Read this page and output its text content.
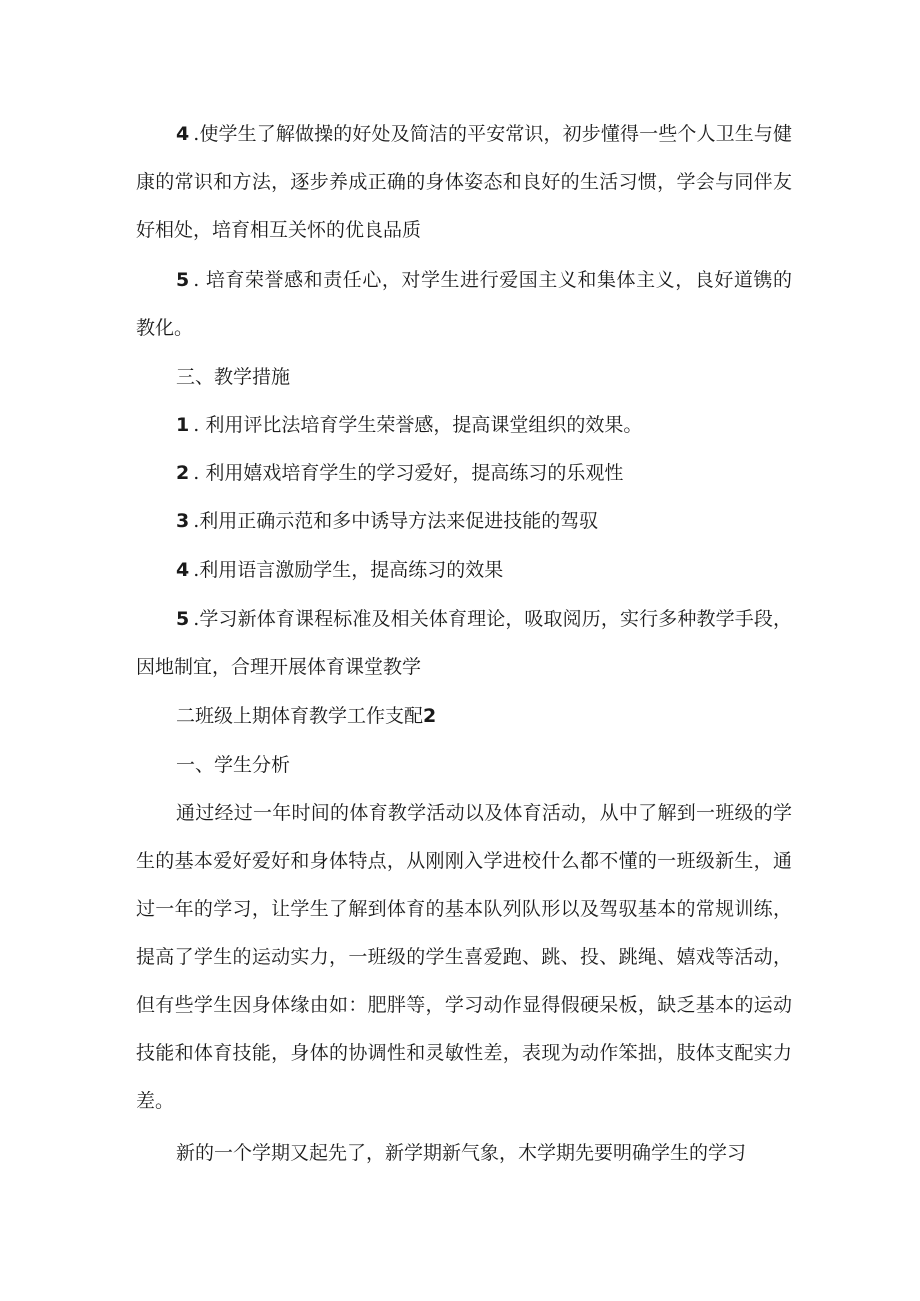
4 .使学生了解做操的好处及简洁的平安常识，初步懂得一些个人卫生与健康的常识和方法，逐步养成正确的身体姿态和良好的生活习惯，学会与同伴友好相处，培育相互关怀的优良品质

5 . 培育荣誉感和责任心，对学生进行爱国主义和集体主义，良好道镌的教化。

三、教学措施

1 . 利用评比法培育学生荣誉感，提高课堂组织的效果。

2 . 利用嬉戏培育学生的学习爱好，提高练习的乐观性

3 .利用正确示范和多中诱导方法来促进技能的驾驭

4 .利用语言激励学生，提高练习的效果

5 .学习新体育课程标准及相关体育理论，吸取阅历，实行多种教学手段，因地制宜，合理开展体育课堂教学

二班级上期体育教学工作支配2

一、学生分析

通过经过一年时间的体育教学活动以及体育活动，从中了解到一班级的学生的基本爱好爱好和身体特点，从刚刚入学进校什么都不懂的一班级新生，通过一年的学习，让学生了解到体育的基本队列队形以及驾驭基本的常规训练，提高了学生的运动实力，一班级的学生喜爱跑、跳、投、跳绳、嬉戏等活动，但有些学生因身体缘由如：肥胖等，学习动作显得假硬呆板，缺乏基本的运动技能和体育技能，身体的协调性和灵敏性差，表现为动作笨拙，肢体支配实力差。

新的一个学期又起先了，新学期新气象，木学期先要明确学生的学习
